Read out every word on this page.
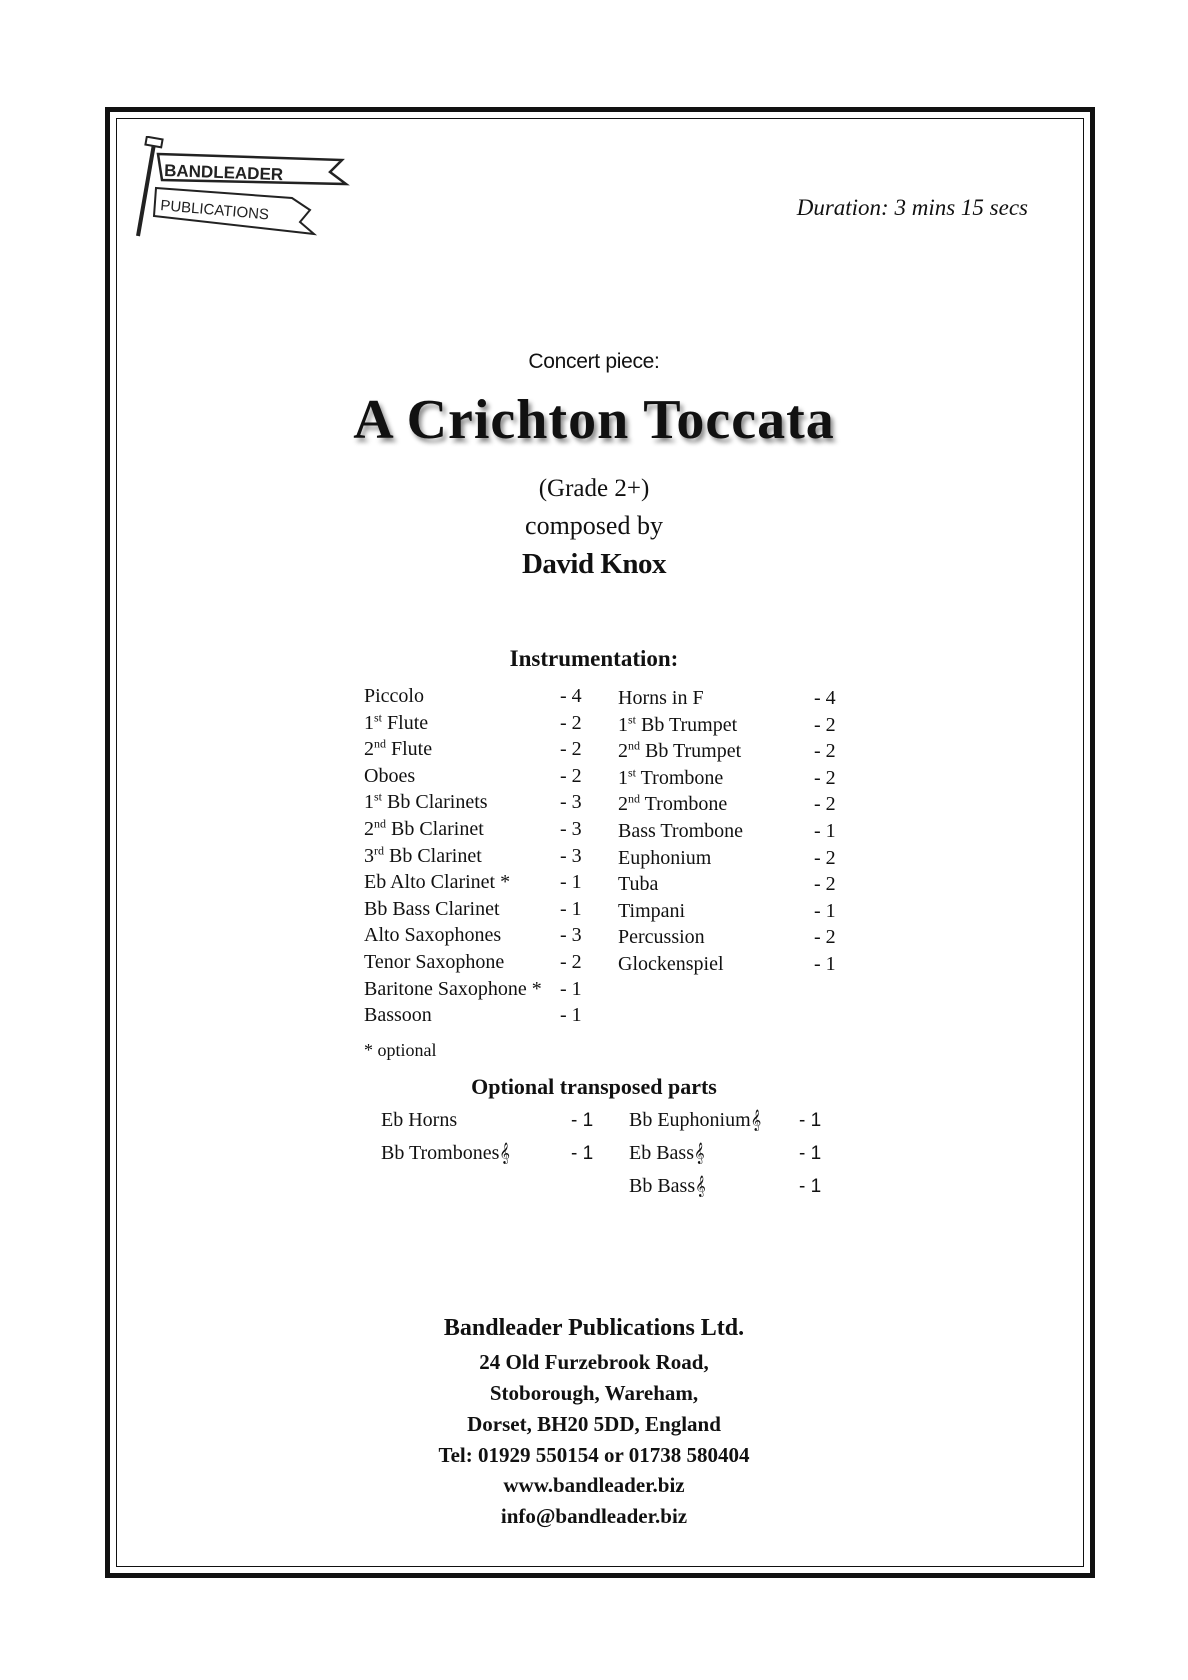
BANDLEADER
PUBLICATIONS	Duration: 3 mins 15 secs
Concert piece:
A Crichton Toccata
(Grade 2+)
composed by
David Knox
Instrumentation:
Piccolo	- 4
1st Flute	- 2
2nd Flute	- 2
Oboes	- 2
1st Bb Clarinets	- 3
2nd Bb Clarinet	- 3
3rd Bb Clarinet	- 3
Eb Alto Clarinet * - 1
Bb Bass Clarinet	- 1
Alto Saxophones	- 3
Tenor Saxophone	- 2
Baritone Saxophone * - 1
Bassoon	- 1
Horns in F	- 4
1st Bb Trumpet	- 2
2nd Bb Trumpet	- 2
1st Trombone	- 2
2nd Trombone	- 2
Bass Trombone	- 1
Euphonium	- 2
Tuba	- 2
Timpani	- 1
Percussion	- 2
Glockenspiel	- 1
* optional
Optional transposed parts
Eb Horns	- 1
Bb Trombones𝄞	- 1
Bb Euphonium𝄞 - 1
Eb Bass𝄞	- 1
Bb Bass𝄞	- 1
Bandleader Publications Ltd.
24 Old Furzebrook Road,
Stoborough, Wareham,
Dorset, BH20 5DD, England
Tel: 01929 550154 or 01738 580404
www.bandleader.biz
info@bandleader.biz
